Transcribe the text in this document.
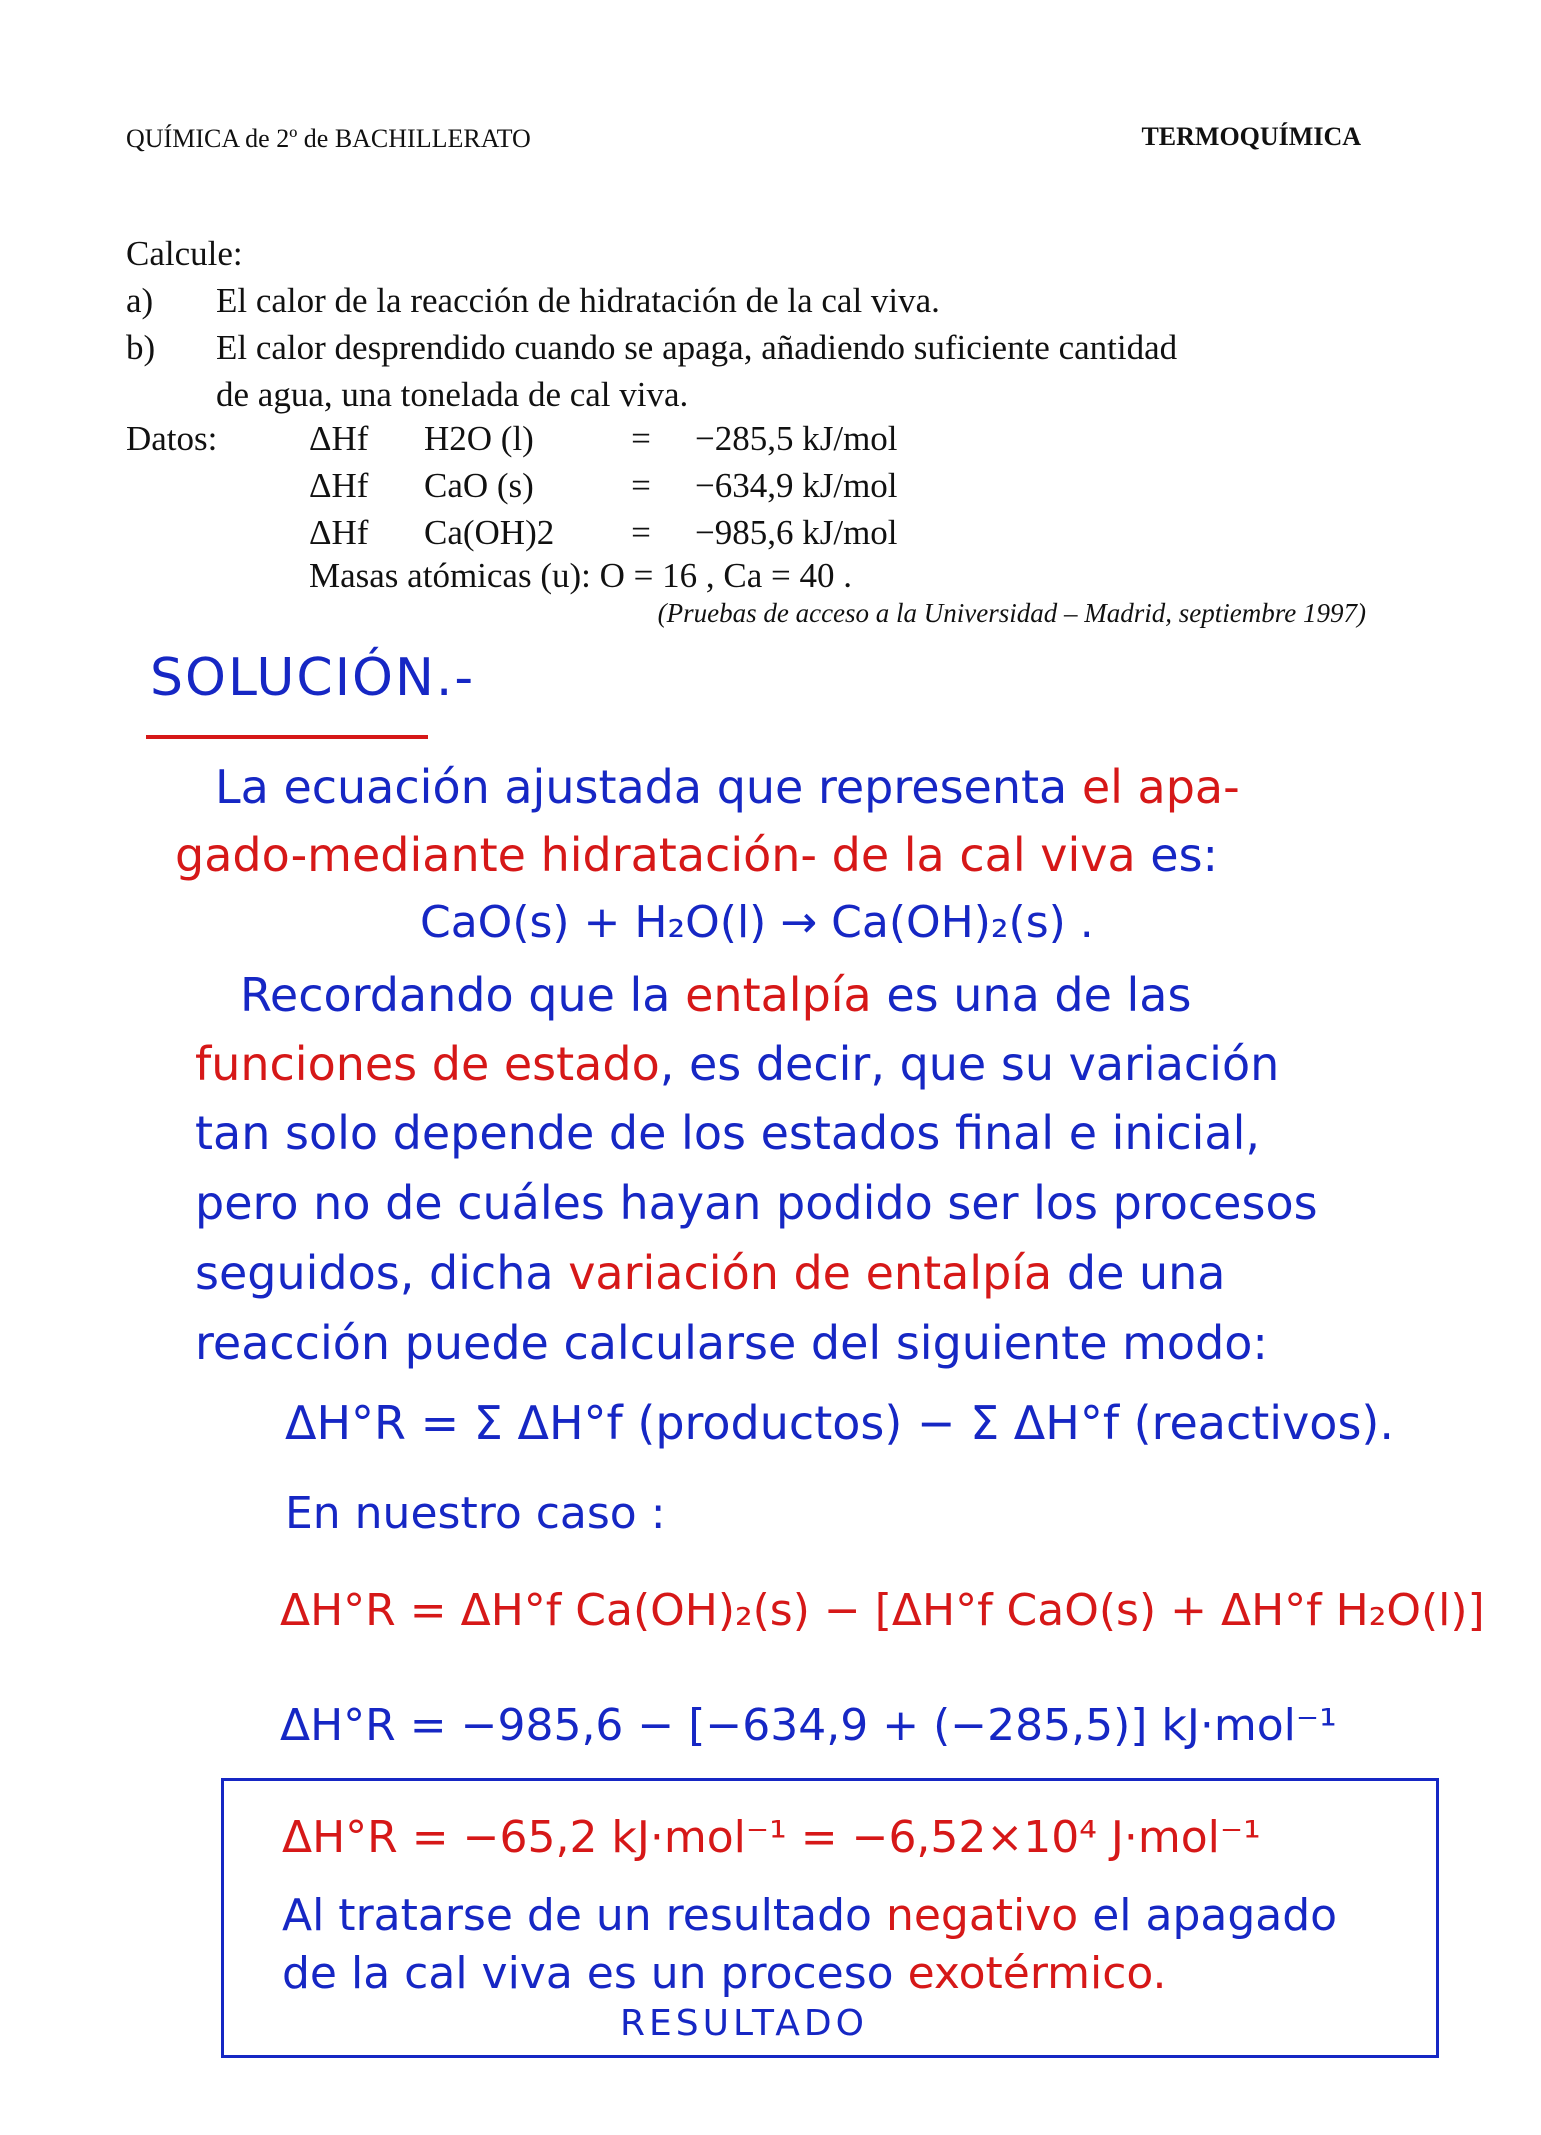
QUÍMICA de 2º de BACHILLERATO	TERMOQUÍMICA
Calcule:
a)	El calor de la reacción de hidratación de la cal viva.
b)	El calor desprendido cuando se apaga, añadiendo suficiente cantidad
de agua, una tonelada de cal viva.
Datos:	ΔHf	H2O (l)	=	−285,5 kJ/mol
ΔHf	CaO (s)	=	−634,9 kJ/mol
ΔHf	Ca(OH)2	=	−985,6 kJ/mol
Masas atómicas (u): O = 16 , Ca = 40 .
(Pruebas de acceso a la Universidad – Madrid, septiembre 1997)
SOLUCIÓN.-
La ecuación ajustada que representa el apa-
gado-mediante hidratación- de la cal viva es:
CaO(s) + H₂O(l) → Ca(OH)₂(s) .
Recordando que la entalpía es una de las
funciones de estado, es decir, que su variación
tan solo depende de los estados final e inicial,
pero no de cuáles hayan podido ser los procesos
seguidos, dicha variación de entalpía de una
reacción puede calcularse del siguiente modo:
ΔH°R = Σ ΔH°f (productos) − Σ ΔH°f (reactivos).
En nuestro caso :
ΔH°R = ΔH°f Ca(OH)₂(s) − [ΔH°f CaO(s) + ΔH°f H₂O(l)]
ΔH°R = −985,6 − [−634,9 + (−285,5)] kJ·mol⁻¹
ΔH°R = −65,2 kJ·mol⁻¹ = −6,52×10⁴ J·mol⁻¹
Al tratarse de un resultado negativo el apagado
de la cal viva es un proceso exotérmico.
RESULTADO
